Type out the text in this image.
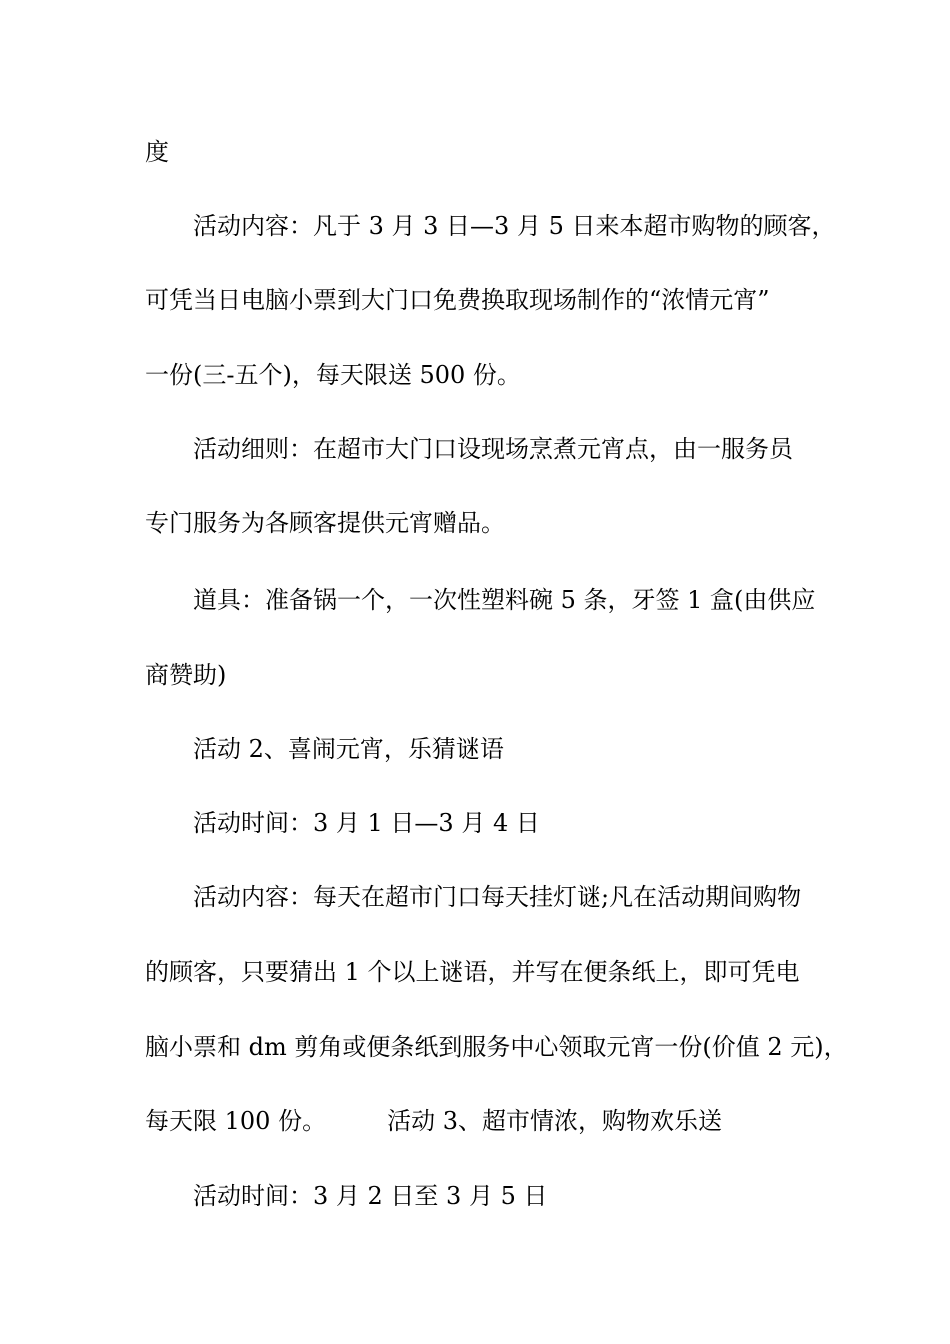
度

活动内容：凡于 3 月 3 日—3 月 5 日来本超市购物的顾客，

可凭当日电脑小票到大门口免费换取现场制作的“浓情元宵”

一份(三-五个)，每天限送 500 份。

活动细则：在超市大门口设现场烹煮元宵点，由一服务员

专门服务为各顾客提供元宵赠品。

道具：准备锅一个，一次性塑料碗 5 条，牙签 1 盒(由供应

商赞助)

活动 2、喜闹元宵，乐猜谜语

活动时间：3 月 1 日—3 月 4 日

活动内容：每天在超市门口每天挂灯谜;凡在活动期间购物

的顾客，只要猜出 1 个以上谜语，并写在便条纸上，即可凭电

脑小票和 dm 剪角或便条纸到服务中心领取元宵一份(价值 2 元)，

每天限 100 份。        活动 3、超市情浓，购物欢乐送

活动时间：3 月 2 日至 3 月 5 日
